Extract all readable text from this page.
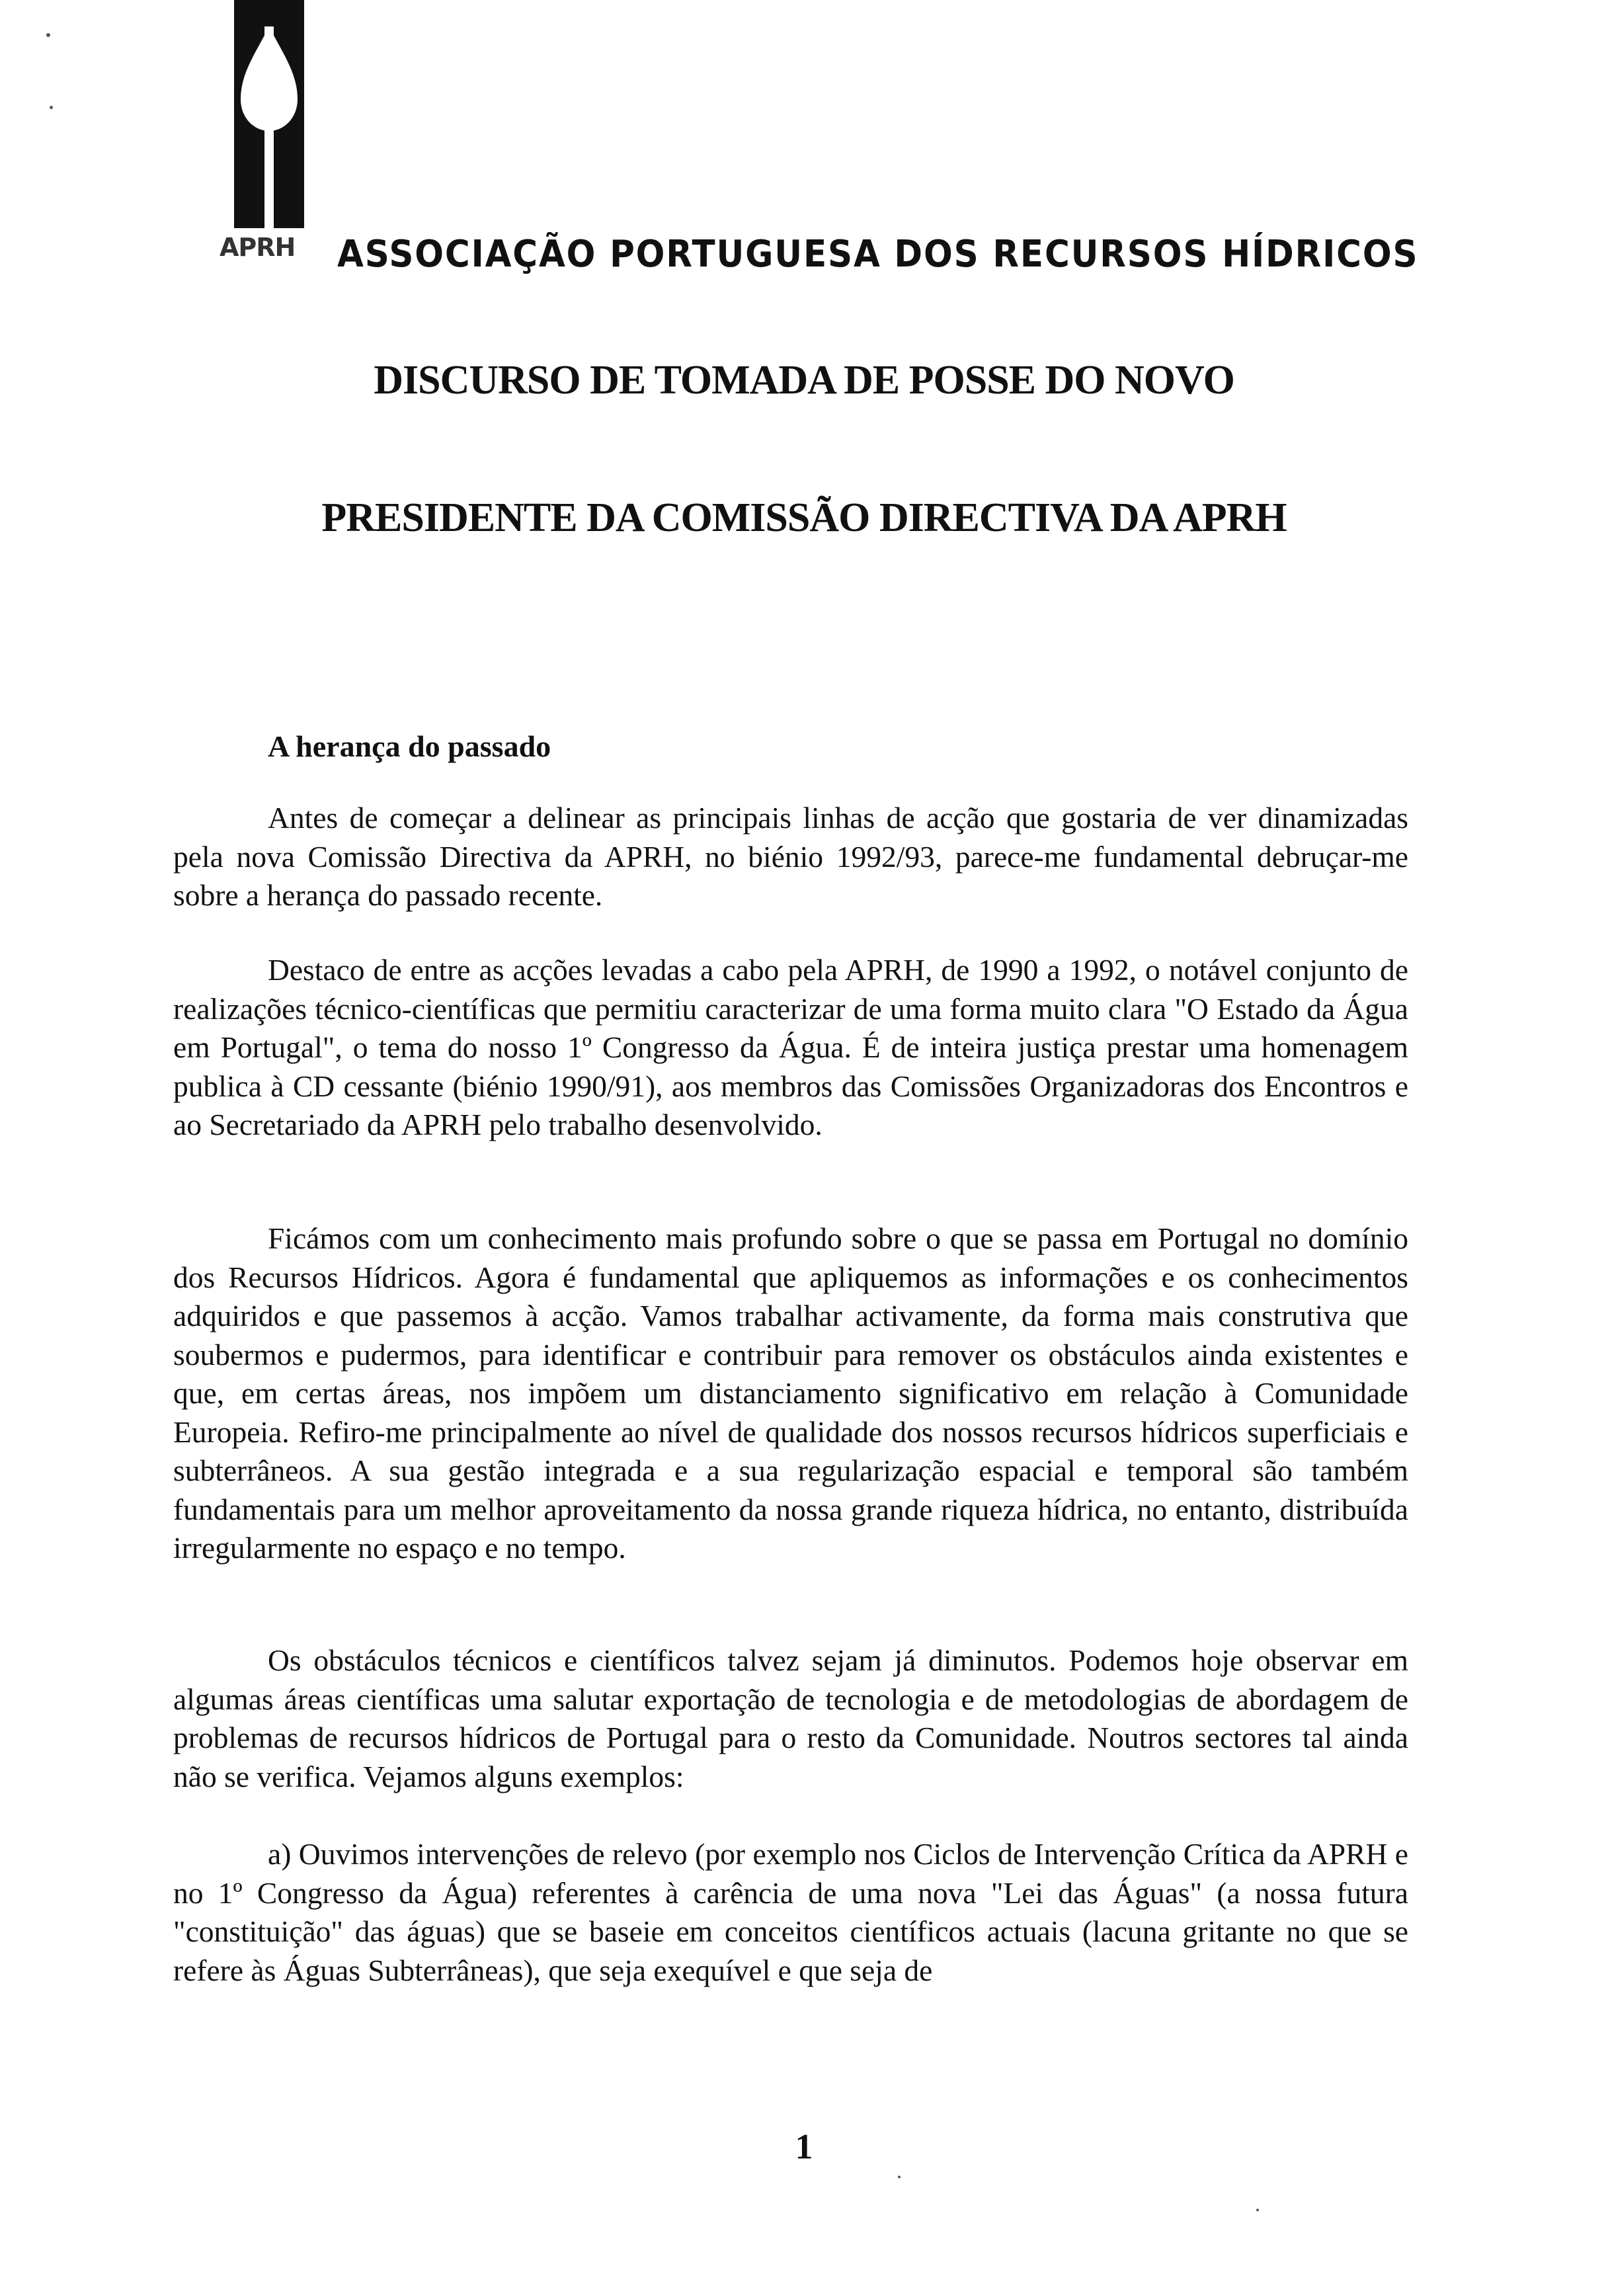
APRH	ASSOCIAÇÃO PORTUGUESA DOS RECURSOS HÍDRICOS
DISCURSO DE TOMADA DE POSSE DO NOVO
PRESIDENTE DA COMISSÃO DIRECTIVA DA APRH
A herança do passado

Antes de começar a delinear as principais linhas de acção que gostaria de ver dinamizadas pela nova Comissão Directiva da APRH, no biénio 1992/93, parece-me fundamental debruçar-me sobre a herança do passado recente.

Destaco de entre as acções levadas a cabo pela APRH, de 1990 a 1992, o notável conjunto de realizações técnico-científicas que permitiu caracterizar de uma forma muito clara "O Estado da Água em Portugal", o tema do nosso 1º Congresso da Água. É de inteira justiça prestar uma homenagem publica à CD cessante (biénio 1990/91), aos membros das Comissões Organizadoras dos Encontros e ao Secretariado da APRH pelo trabalho desenvolvido.

Ficámos com um conhecimento mais profundo sobre o que se passa em Portugal no domínio dos Recursos Hídricos. Agora é fundamental que apliquemos as informações e os conhecimentos adquiridos e que passemos à acção. Vamos trabalhar activamente, da forma mais construtiva que soubermos e pudermos, para identificar e contribuir para remover os obstáculos ainda existentes e que, em certas áreas, nos impõem um distanciamento significativo em relação à Comunidade Europeia. Refiro-me principalmente ao nível de qualidade dos nossos recursos hídricos superficiais e subterrâneos. A sua gestão integrada e a sua regularização espacial e temporal são também fundamentais para um melhor aproveitamento da nossa grande riqueza hídrica, no entanto, distribuída irregularmente no espaço e no tempo.

Os obstáculos técnicos e científicos talvez sejam já diminutos. Podemos hoje observar em algumas áreas científicas uma salutar exportação de tecnologia e de metodologias de abordagem de problemas de recursos hídricos de Portugal para o resto da Comunidade. Noutros sectores tal ainda não se verifica. Vejamos alguns exemplos:

a) Ouvimos intervenções de relevo (por exemplo nos Ciclos de Intervenção Crítica da APRH e no 1º Congresso da Água) referentes à carência de uma nova "Lei das Águas" (a nossa futura "constituição" das águas) que se baseie em conceitos científicos actuais (lacuna gritante no que se refere às Águas Subterrâneas), que seja exequível e que seja de

1
